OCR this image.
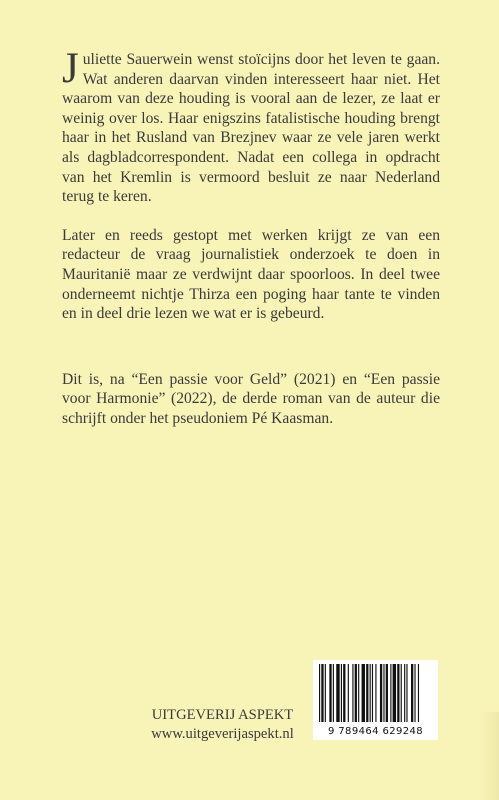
Juliette Sauerwein wenst stoïcijns door het leven te gaan. Wat anderen daarvan vinden interesseert haar niet. Het waarom van deze houding is vooral aan de lezer, ze laat er weinig over los. Haar enigszins fatalistische houding brengt haar in het Rusland van Brezjnev waar ze vele jaren werkt als dagbladcorrespondent. Nadat een collega in opdracht van het Kremlin is vermoord besluit ze naar Nederland terug te keren.

Later en reeds gestopt met werken krijgt ze van een redacteur de vraag journalistiek onderzoek te doen in Mauritanië maar ze verdwijnt daar spoorloos. In deel twee onderneemt nichtje Thirza een poging haar tante te vinden en in deel drie lezen we wat er is gebeurd.

Dit is, na “Een passie voor Geld” (2021) en “Een passie voor Harmonie” (2022), de derde roman van de auteur die schrijft onder het pseudoniem Pé Kaasman.

UITGEVERIJ ASPEKT
www.uitgeverijaspekt.nl	9 789464 629248
